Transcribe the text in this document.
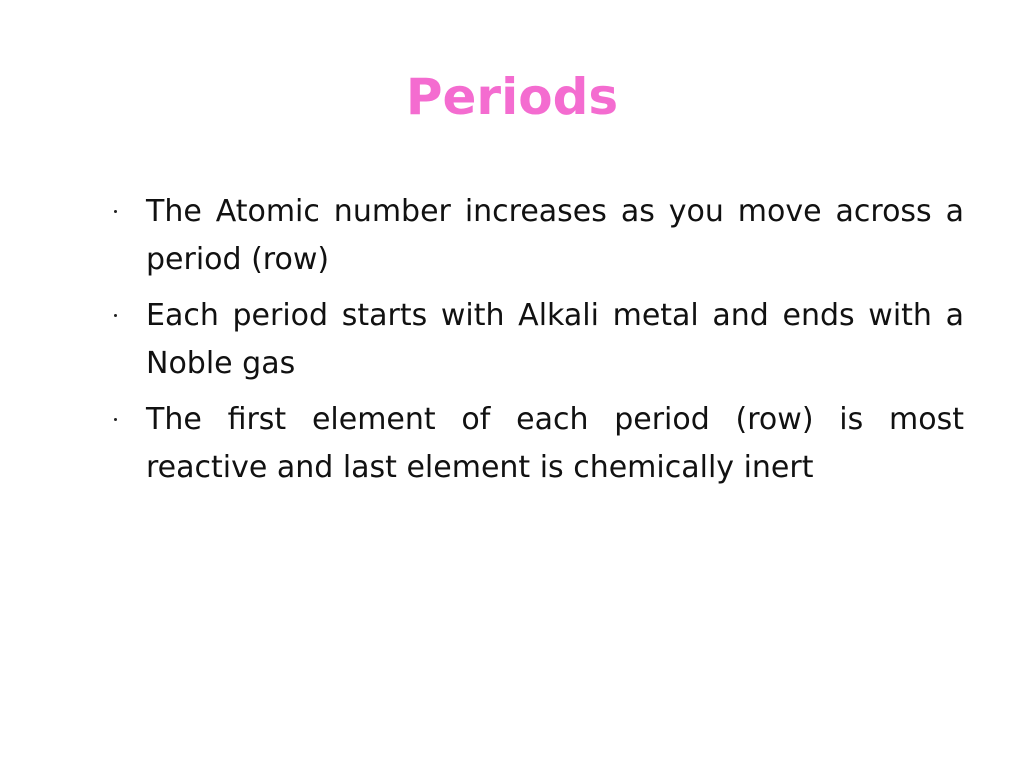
Periods
The Atomic number increases as you move across a period (row)
Each period starts with Alkali metal and ends with a Noble gas
The first element of each period (row) is most reactive and last element is chemically inert
